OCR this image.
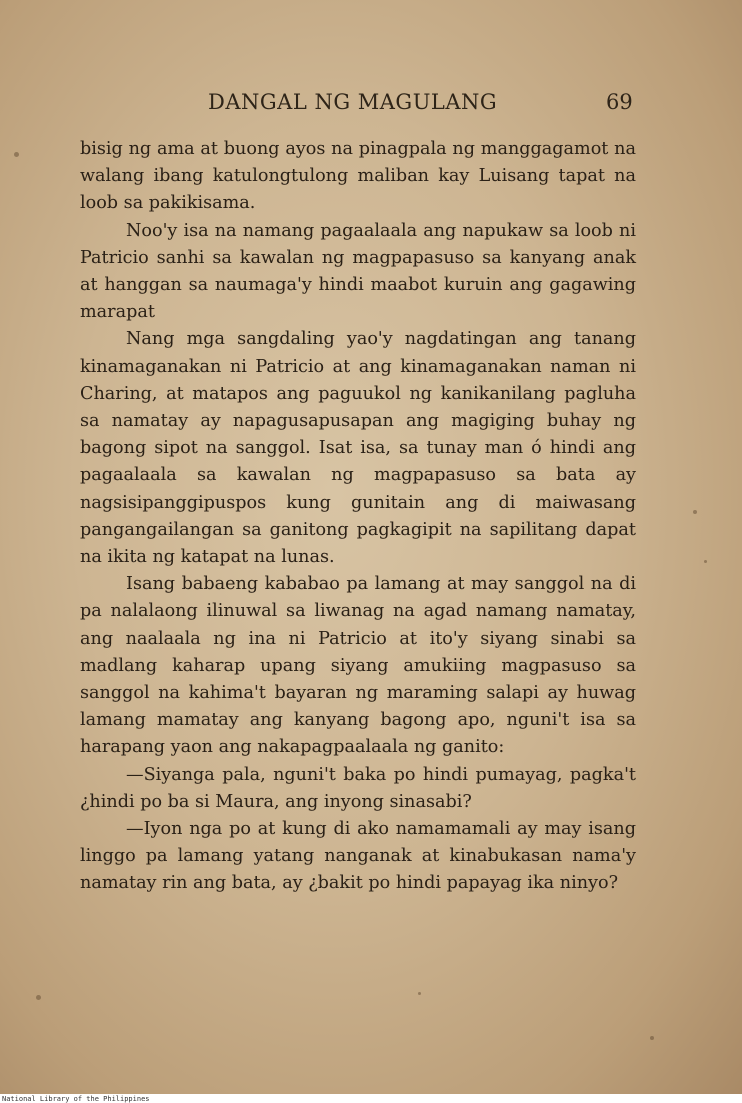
DANGAL NG MAGULANG	69

bisig ng ama at buong ayos na pinagpala ng manggagamot na walang ibang katulongtulong maliban kay Luisang tapat na loob sa pakikisama.

Noo'y isa na namang pagaalaala ang napukaw sa loob ni Patricio sanhi sa kawalan ng magpapasuso sa kanyang anak at hanggan sa naumaga'y hindi maabot kuruin ang gagawing marapat

Nang mga sangdaling yao'y nagdatingan ang tanang kinamaganakan ni Patricio at ang kinamaganakan naman ni Charing, at matapos ang paguukol ng kanikanilang pagluha sa namatay ay napagusapusapan ang magiging buhay ng bagong sipot na sanggol. Isat isa, sa tunay man ó hindi ang pagaalaala sa kawalan ng magpapasuso sa bata ay nagsisipanggipuspos kung gunitain ang di maiwasang pangangailangan sa ganitong pagkagipit na sapilitang dapat na ikita ng katapat na lunas.

Isang babaeng kababao pa lamang at may sanggol na di pa nalalaong ilinuwal sa liwanag na agad namang namatay, ang naalaala ng ina ni Patricio at ito'y siyang sinabi sa madlang kaharap upang siyang amukiing magpasuso sa sanggol na kahima't bayaran ng maraming salapi ay huwag lamang mamatay ang kanyang bagong apo, nguni't isa sa harapang yaon ang nakapagpaalaala ng ganito:

—Siyanga pala, nguni't baka po hindi pumayag, pagka't ¿hindi po ba si Maura, ang inyong sinasabi?

—Iyon nga po at kung di ako namamamali ay may isang linggo pa lamang yatang nanganak at kinabukasan nama'y namatay rin ang bata, ay ¿bakit po hindi papayag ika ninyo?

National Library of the Philippines
